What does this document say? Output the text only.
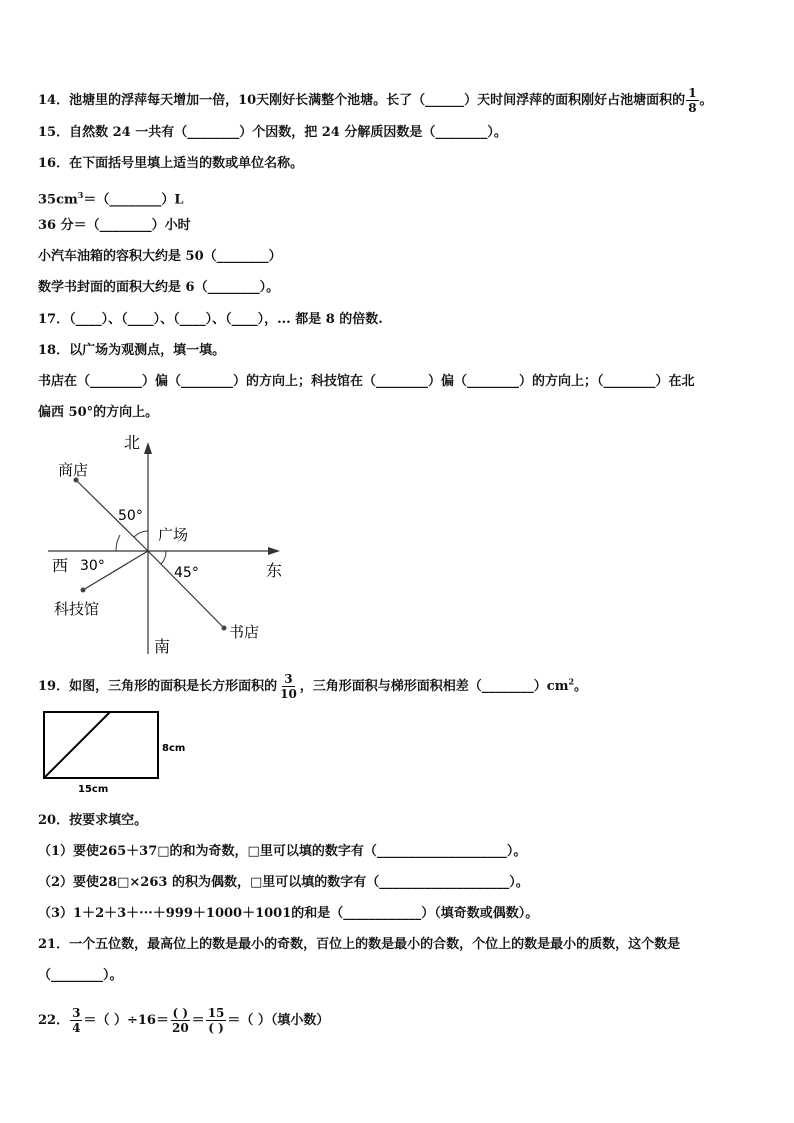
14．池塘里的浮萍每天增加一倍，10天刚好长满整个池塘。长了（______）天时间浮萍的面积刚好占池塘面积的 $\frac{1}{8}$ 。
15．自然数 24 一共有（________）个因数，把 24 分解质因数是（________）。
16．在下面括号里填上适当的数或单位名称。
$35cm^3=(\_\_\_\_\_\_\_\_)L$
36 分＝（________）小时
小汽车油箱的容积大约是 50（________）
数学书封面的面积大约是 6（________）。
17．（____）、（____）、（____）、（____），... 都是 8 的倍数.
18．以广场为观测点，填一填。
书店在（________）偏（________）的方向上；科技馆在（________）偏（________）的方向上；（________）在北
偏西 50°的方向上。
北
南
东
西
广场
商店
科技馆
书店
50°
30°	45°
19．如图，三角形的面积是长方形面积的 $\frac{3}{10}$ ，三角形面积与梯形面积相差$(\_\_\_\_\_\_\_\_)cm^2$。
15cm
8cm
20．按要求填空。
（1）要使265＋37□的和为奇数，□里可以填的数字有（____________________）。
（2）要使28□×263 的积为偶数，□里可以填的数字有（____________________）。
（3）1＋2＋3＋···＋999＋1000＋1001的和是（____________）（填奇数或偶数）。
21．一个五位数，最高位上的数是最小的奇数，百位上的数是最小的合数，个位上的数是最小的质数，这个数是
（________）。
22． $\frac{3}{4}$ ＝（ ）$\div 16= \frac{( )}{20} = \frac{15}{( )}$ ＝（ ）（填小数）
